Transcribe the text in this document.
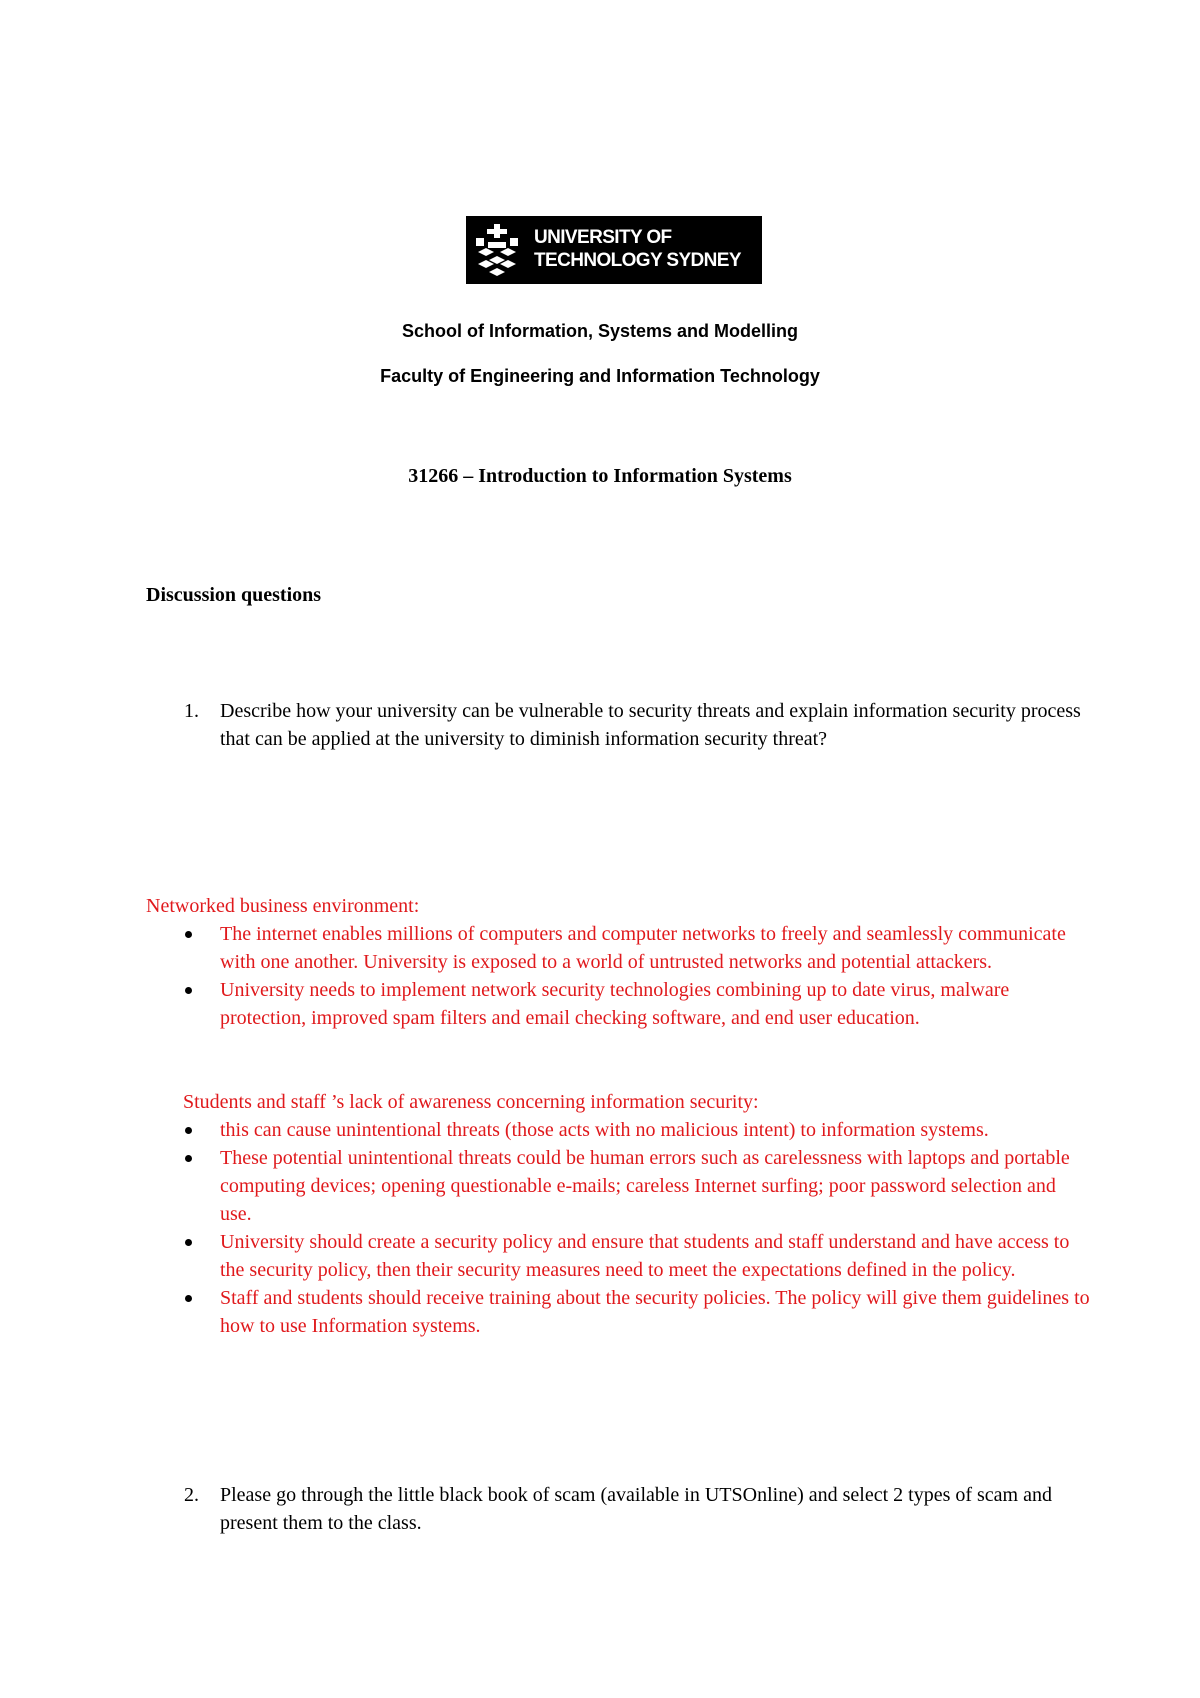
UNIVERSITY OF
TECHNOLOGY SYDNEY
School of Information, Systems and Modelling
Faculty of Engineering and Information Technology
31266 – Introduction to Information Systems
Discussion questions
1. Describe how your university can be vulnerable to security threats and explain information security process that can be applied at the university to diminish information security threat?
Networked business environment:
The internet enables millions of computers and computer networks to freely and seamlessly communicate with one another. University is exposed to a world of untrusted networks and potential attackers.
University needs to implement network security technologies combining up to date virus, malware protection, improved spam filters and email checking software, and end user education.
Students and staff ’s lack of awareness concerning information security:
this can cause unintentional threats (those acts with no malicious intent) to information systems.
These potential unintentional threats could be human errors such as carelessness with laptops and portable computing devices; opening questionable e-mails; careless Internet surfing; poor password selection and use.
University should create a security policy and ensure that students and staff understand and have access to the security policy, then their security measures need to meet the expectations defined in the policy.
Staff and students should receive training about the security policies. The policy will give them guidelines to how to use Information systems.
2. Please go through the little black book of scam (available in UTSOnline) and select 2 types of scam and present them to the class.
